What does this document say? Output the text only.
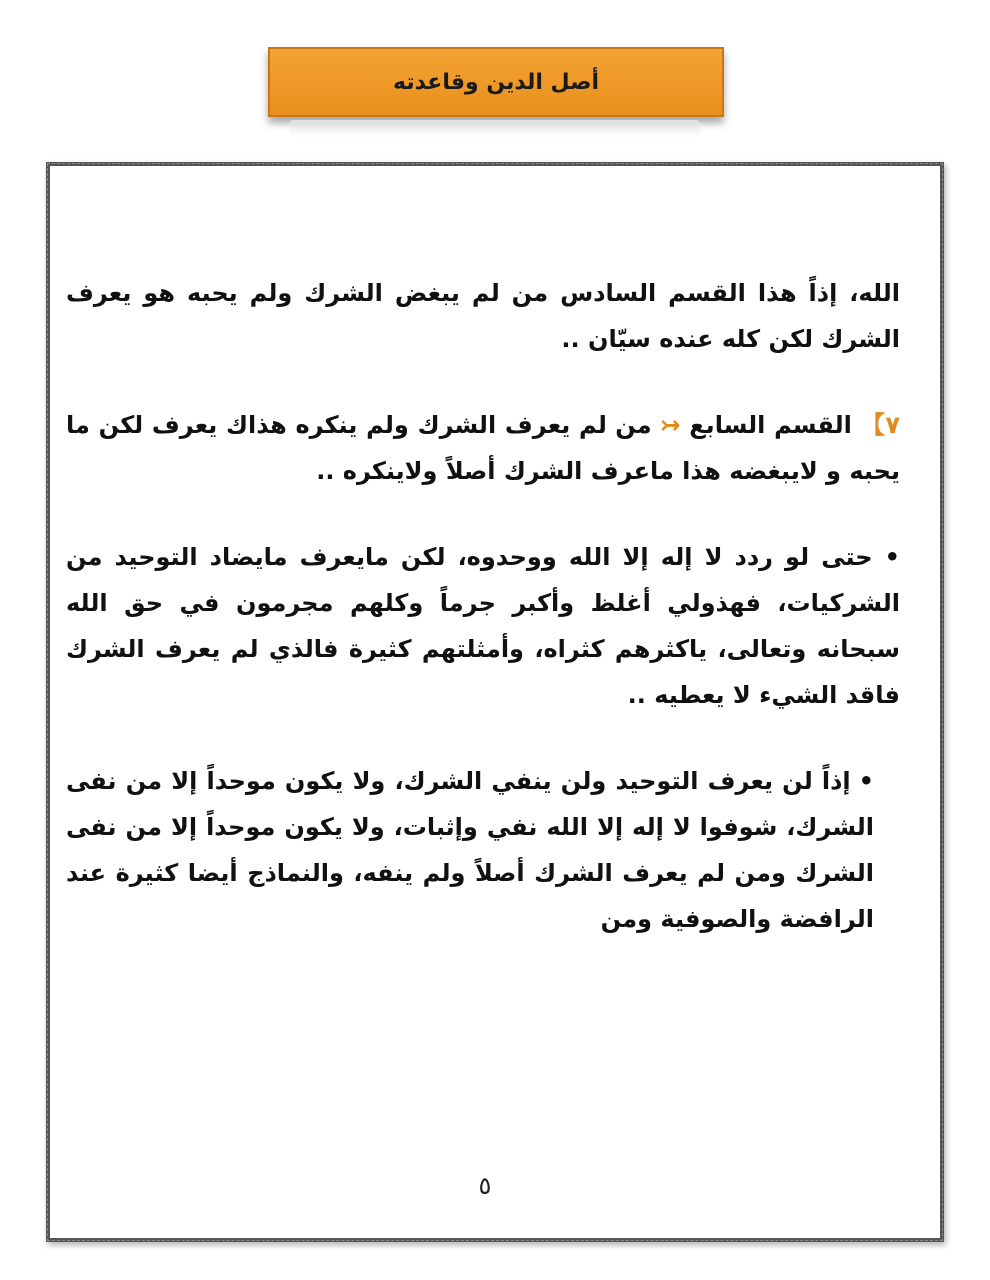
أصل الدين وقاعدته

الله، إذاً هذا القسم السادس من لم يبغض الشرك ولم يحبه هو يعرف الشرك لكن كله عنده سيّان ..

٧】 القسم السابع ↣ من لم يعرف الشرك ولم ينكره هذاك يعرف لكن ما يحبه و لايبغضه هذا ماعرف الشرك أصلاً ولاينكره ..

• حتى لو ردد لا إله إلا الله ووحدوه، لكن مايعرف مايضاد التوحيد من الشركيات، فهذولي أغلظ وأكبر جرماً وكلهم مجرمون في حق الله سبحانه وتعالى، ياكثرهم كثراه، وأمثلتهم كثيرة فالذي لم يعرف الشرك فاقد الشيء لا يعطيه ..

• إذاً لن يعرف التوحيد ولن ينفي الشرك، ولا يكون موحداً إلا من نفى الشرك، شوفوا لا إله إلا الله نفي وإثبات، ولا يكون موحداً إلا من نفى الشرك ومن لم يعرف الشرك أصلاً ولم ينفه، والنماذج أيضا كثيرة عند الرافضة والصوفية ومن
٥
